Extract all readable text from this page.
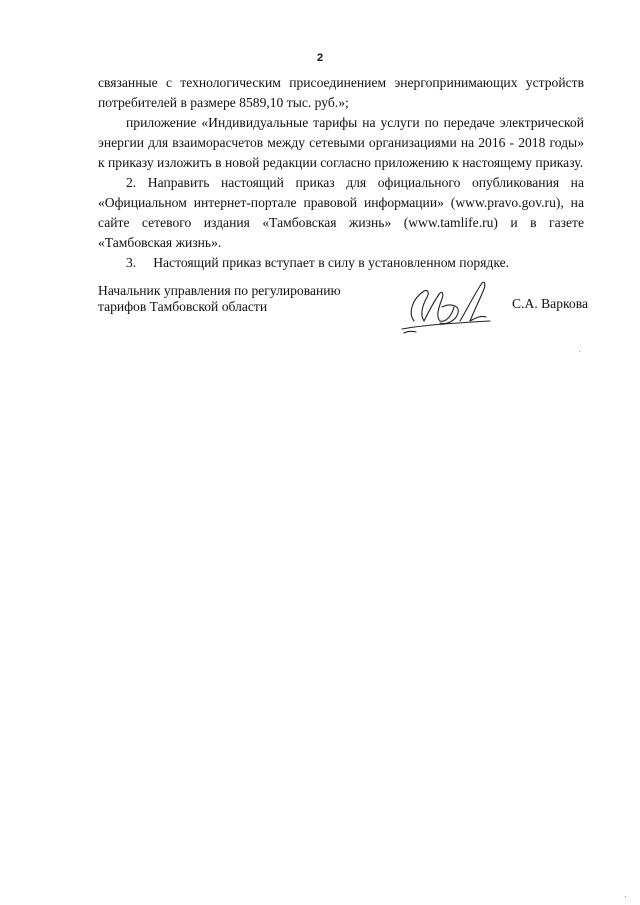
2

связанные с технологическим присоединением энергопринимающих устройств потребителей в размере 8589,10 тыс. руб.»;

приложение «Индивидуальные тарифы на услуги по передаче электрической энергии для взаиморасчетов между сетевыми организациями на 2016 - 2018 годы» к приказу изложить в новой редакции согласно приложению к настоящему приказу.

2. Направить настоящий приказ для официального опубликования на «Официальном интернет-портале правовой информации» (www.pravo.gov.ru), на сайте сетевого издания «Тамбовская жизнь» (www.tamlife.ru) и в газете «Тамбовская жизнь».

3.     Настоящий приказ вступает в силу в установленном порядке.

Начальник управления по регулированию
тарифов Тамбовской области	С.А. Варкова
